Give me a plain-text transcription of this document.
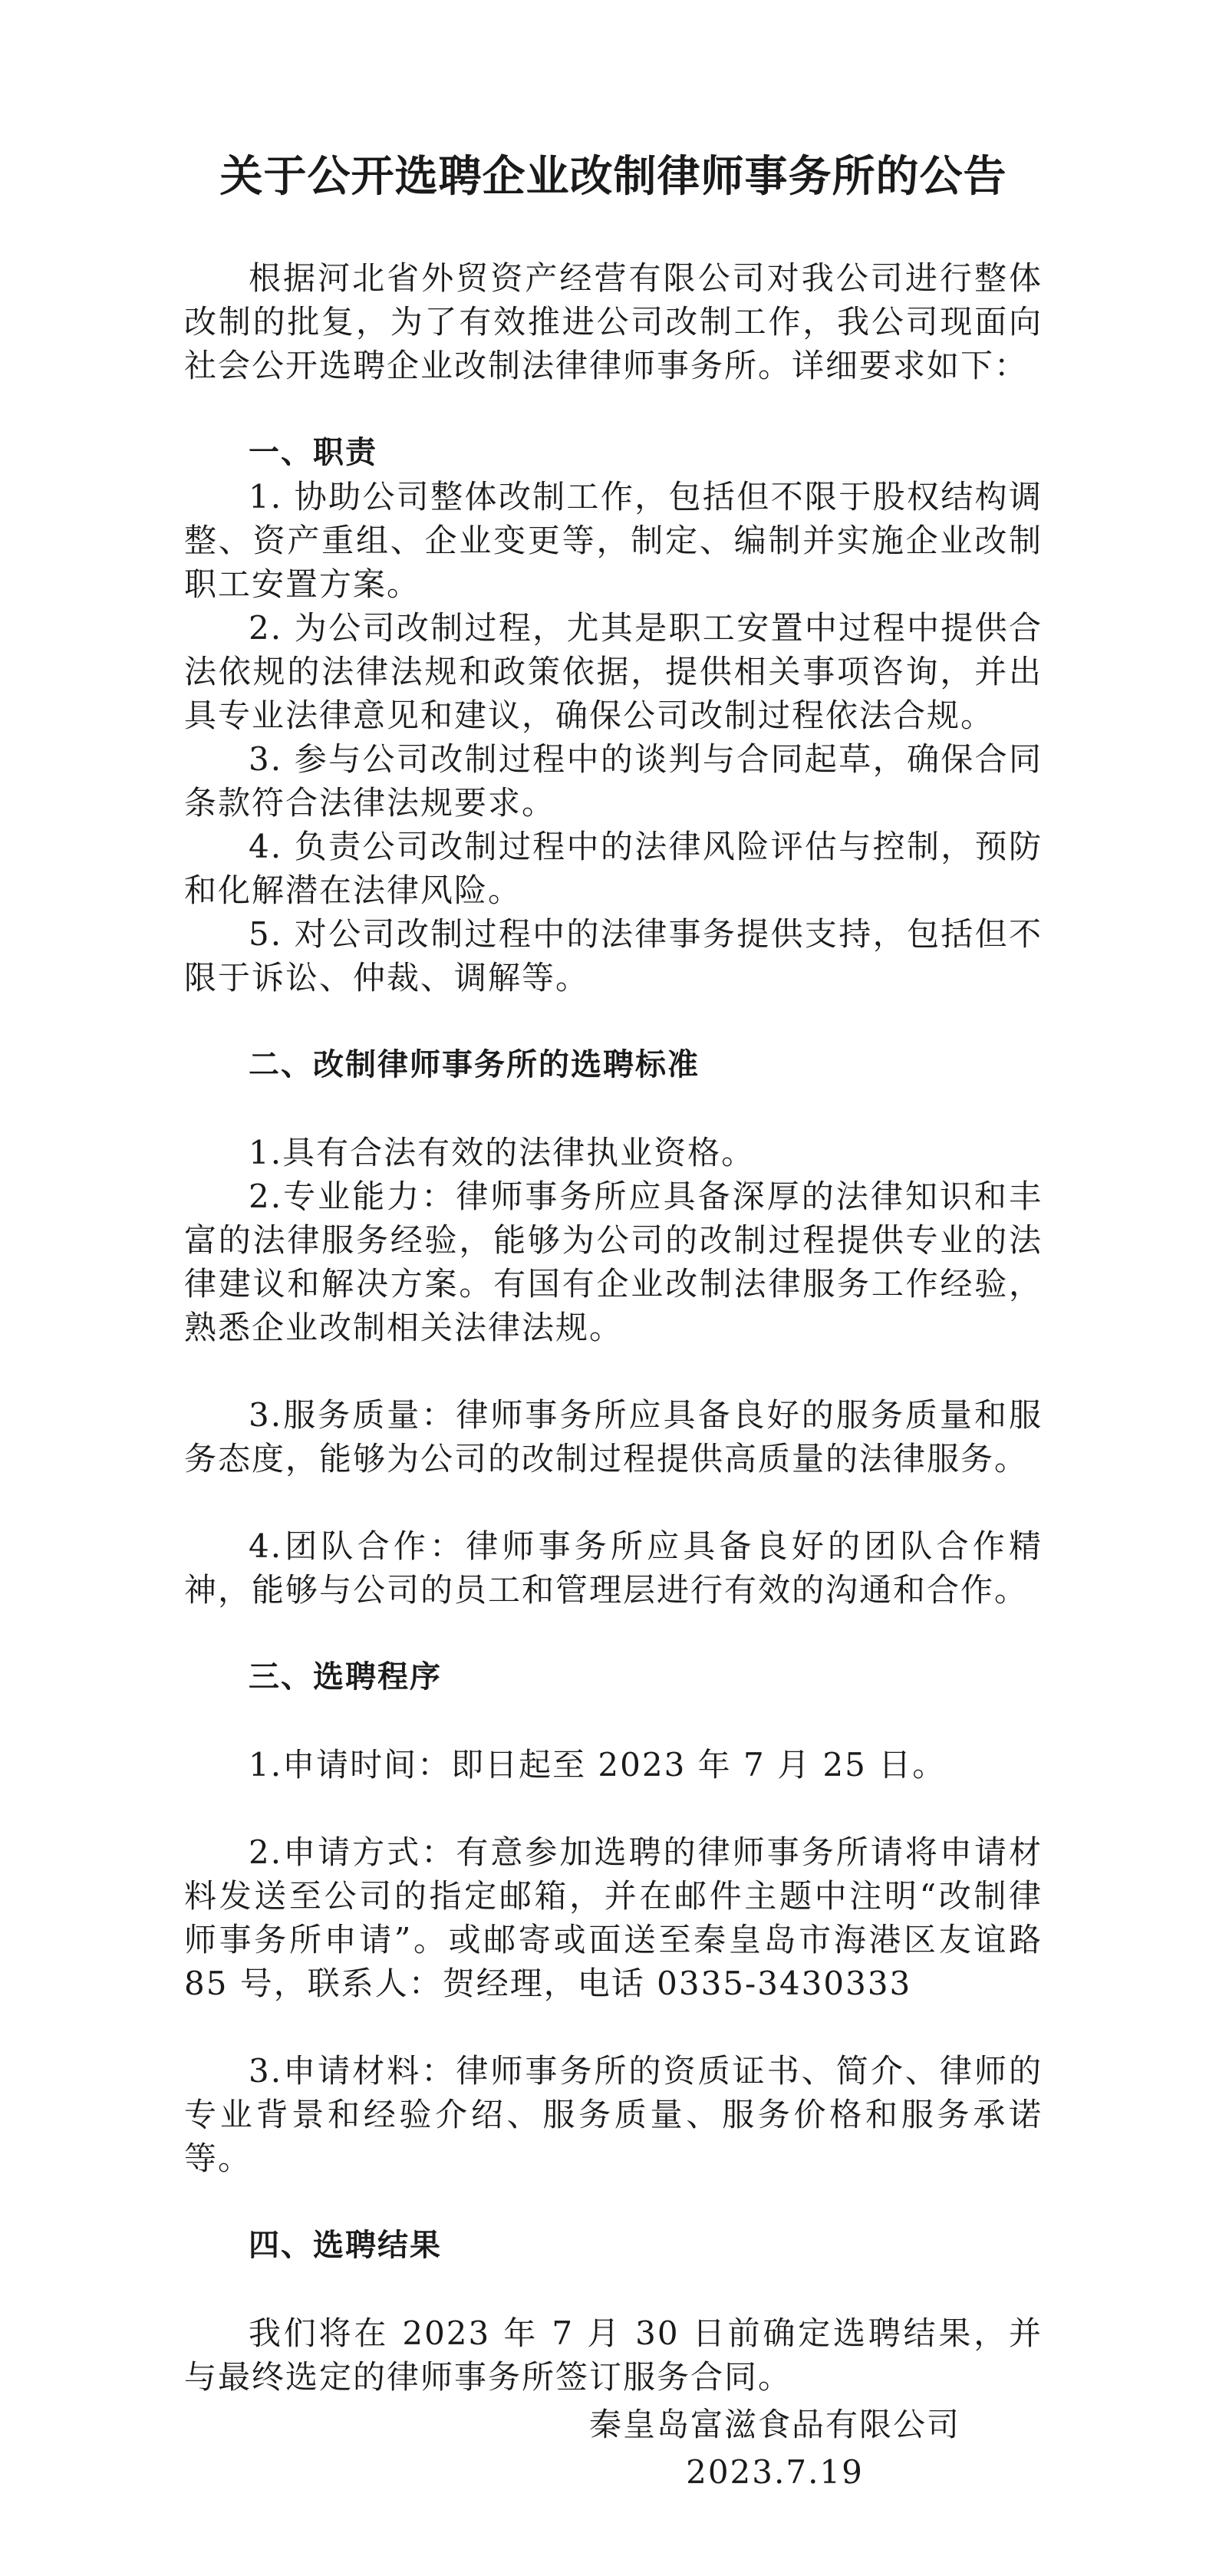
关于公开选聘企业改制律师事务所的公告

根据河北省外贸资产经营有限公司对我公司进行整体改制的批复，为了有效推进公司改制工作，我公司现面向社会公开选聘企业改制法律律师事务所。详细要求如下：

一、职责

1. 协助公司整体改制工作，包括但不限于股权结构调整、资产重组、企业变更等，制定、编制并实施企业改制职工安置方案。

2. 为公司改制过程，尤其是职工安置中过程中提供合法依规的法律法规和政策依据，提供相关事项咨询，并出具专业法律意见和建议，确保公司改制过程依法合规。

3. 参与公司改制过程中的谈判与合同起草，确保合同条款符合法律法规要求。

4. 负责公司改制过程中的法律风险评估与控制，预防和化解潜在法律风险。

5. 对公司改制过程中的法律事务提供支持，包括但不限于诉讼、仲裁、调解等。

二、改制律师事务所的选聘标准

1.具有合法有效的法律执业资格。

2.专业能力：律师事务所应具备深厚的法律知识和丰富的法律服务经验，能够为公司的改制过程提供专业的法律建议和解决方案。有国有企业改制法律服务工作经验，熟悉企业改制相关法律法规。

3.服务质量：律师事务所应具备良好的服务质量和服务态度，能够为公司的改制过程提供高质量的法律服务。

4.团队合作：律师事务所应具备良好的团队合作精神，能够与公司的员工和管理层进行有效的沟通和合作。

三、选聘程序

1.申请时间：即日起至 2023 年 7 月 25 日。

2.申请方式：有意参加选聘的律师事务所请将申请材料发送至公司的指定邮箱，并在邮件主题中注明“改制律师事务所申请”。或邮寄或面送至秦皇岛市海港区友谊路 85 号，联系人：贺经理，电话 0335-3430333

3.申请材料：律师事务所的资质证书、简介、律师的专业背景和经验介绍、服务质量、服务价格和服务承诺等。

四、选聘结果

我们将在 2023 年 7 月 30 日前确定选聘结果，并与最终选定的律师事务所签订服务合同。

秦皇岛富滋食品有限公司
2023.7.19
